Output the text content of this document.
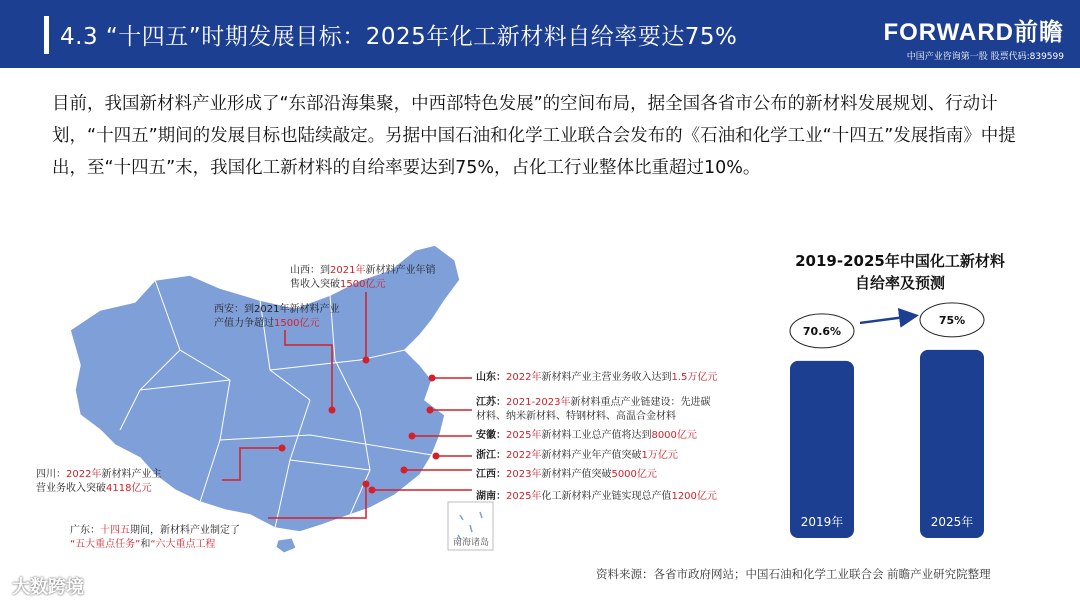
4.3 “十四五”时期发展目标：2025年化工新材料自给率要达75%	FORWARD前瞻
中国产业咨询第一股 股票代码:839599
目前，我国新材料产业形成了“东部沿海集聚，中西部特色发展”的空间布局，据全国各省市公布的新材料发展规划、行动计划，“十四五”期间的发展目标也陆续敲定。另据中国石油和化学工业联合会发布的《石油和化学工业“十四五”发展指南》中提出，至“十四五”末，我国化工新材料的自给率要达到75%，占化工行业整体比重超过10%。
南海诸岛
山西：到2021年新材料产业年销
售收入突破1500亿元
西安：到2021年新材料产业
产值力争超过1500亿元
四川：2022年新材料产业主
营业务收入突破4118亿元
广东：十四五期间，新材料产业制定了
“五大重点任务”和“六大重点工程
山东：2022年新材料产业主营业务收入达到1.5万亿元
江苏：2021-2023年新材料重点产业链建设：先进碳
材料、纳米新材料、特钢材料、高温合金材料
安徽：2025年新材料工业总产值将达到8000亿元
浙江：2022年新材料产业年产值突破1万亿元
江西：2023年新材料产值突破5000亿元
湖南：2025年化工新材料产业链实现总产值1200亿元
2019-2025年中国化工新材料
自给率及预测
2019年
70.6%
2025年
75%
资料来源：各省市政府网站；中国石油和化学工业联合会 前瞻产业研究院整理
大数跨境
